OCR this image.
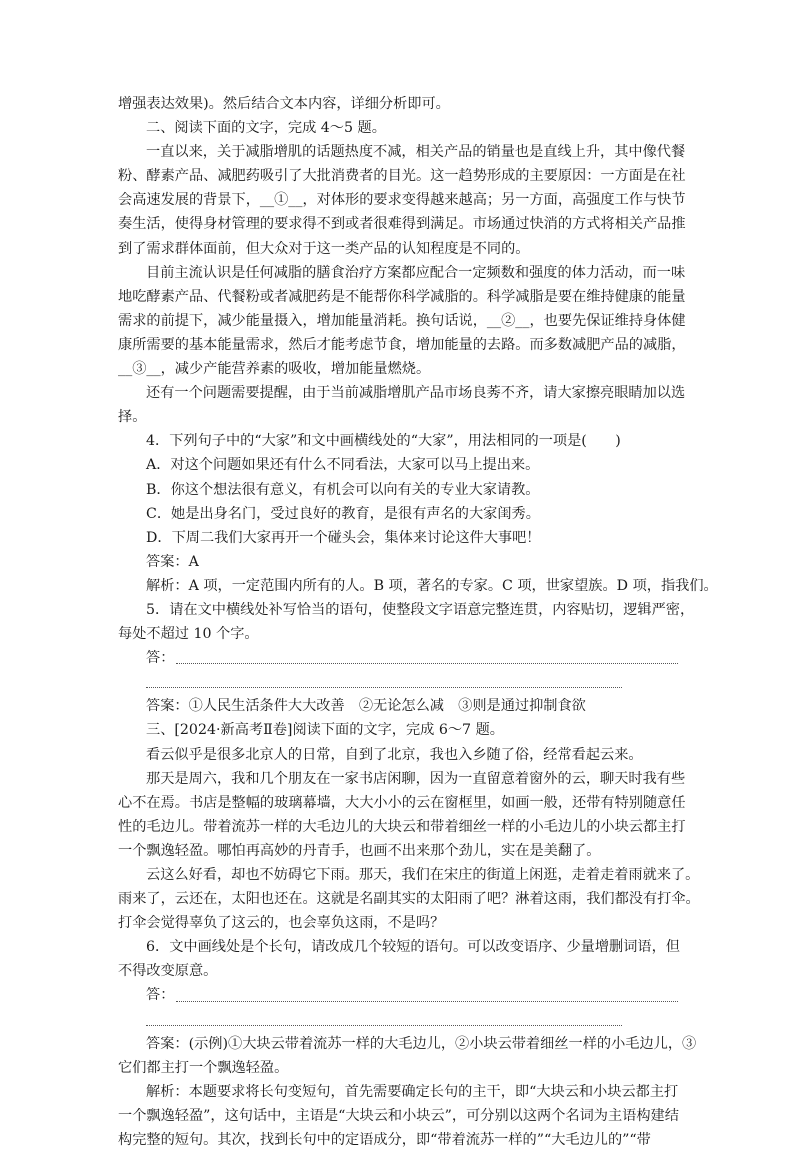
增强表达效果)。然后结合文本内容，详细分析即可。
二、阅读下面的文字，完成 4～5 题。
一直以来，关于减脂增肌的话题热度不减，相关产品的销量也是直线上升，其中像代餐
粉、酵素产品、减肥药吸引了大批消费者的目光。这一趋势形成的主要原因：一方面是在社
会高速发展的背景下，__①__，对体形的要求变得越来越高；另一方面，高强度工作与快节
奏生活，使得身材管理的要求得不到或者很难得到满足。市场通过快消的方式将相关产品推
到了需求群体面前，但大众对于这一类产品的认知程度是不同的。
目前主流认识是任何减脂的膳食治疗方案都应配合一定频数和强度的体力活动，而一味
地吃酵素产品、代餐粉或者减肥药是不能帮你科学减脂的。科学减脂是要在维持健康的能量
需求的前提下，减少能量摄入，增加能量消耗。换句话说，__②__，也要先保证维持身体健
康所需要的基本能量需求，然后才能考虑节食，增加能量的去路。而多数减肥产品的减脂，
__③__，减少产能营养素的吸收，增加能量燃烧。
还有一个问题需要提醒，由于当前减脂增肌产品市场良莠不齐，请大家擦亮眼睛加以选
择。
4．下列句子中的“大家”和文中画横线处的“大家”，用法相同的一项是(　　)
A．对这个问题如果还有什么不同看法，大家可以马上提出来。
B．你这个想法很有意义，有机会可以向有关的专业大家请教。
C．她是出身名门，受过良好的教育，是很有声名的大家闺秀。
D．下周二我们大家再开一个碰头会，集体来讨论这件大事吧！
答案：A
解析：A 项，一定范围内所有的人。B 项，著名的专家。C 项，世家望族。D 项，指我们。
5．请在文中横线处补写恰当的语句，使整段文字语意完整连贯，内容贴切，逻辑严密，
每处不超过 10 个字。
答：
答案：①人民生活条件大大改善　②无论怎么减　③则是通过抑制食欲
三、[2024·新高考Ⅱ卷]阅读下面的文字，完成 6～7 题。
看云似乎是很多北京人的日常，自到了北京，我也入乡随了俗，经常看起云来。
那天是周六，我和几个朋友在一家书店闲聊，因为一直留意着窗外的云，聊天时我有些
心不在焉。书店是整幅的玻璃幕墙，大大小小的云在窗框里，如画一般，还带有特别随意任
性的毛边儿。带着流苏一样的大毛边儿的大块云和带着细丝一样的小毛边儿的小块云都主打
一个飘逸轻盈。哪怕再高妙的丹青手，也画不出来那个劲儿，实在是美翻了。
云这么好看，却也不妨碍它下雨。那天，我们在宋庄的街道上闲逛，走着走着雨就来了。
雨来了，云还在，太阳也还在。这就是名副其实的太阳雨了吧？淋着这雨，我们都没有打伞。
打伞会觉得辜负了这云的，也会辜负这雨，不是吗？
6．文中画线处是个长句，请改成几个较短的语句。可以改变语序、少量增删词语，但
不得改变原意。
答：
答案：(示例)①大块云带着流苏一样的大毛边儿，②小块云带着细丝一样的小毛边儿，③
它们都主打一个飘逸轻盈。
解析：本题要求将长句变短句，首先需要确定长句的主干，即“大块云和小块云都主打
一个飘逸轻盈”，这句话中，主语是“大块云和小块云”，可分别以这两个名词为主语构建结
构完整的短句。其次，找到长句中的定语成分，即“带着流苏一样的”“大毛边儿的”“带
